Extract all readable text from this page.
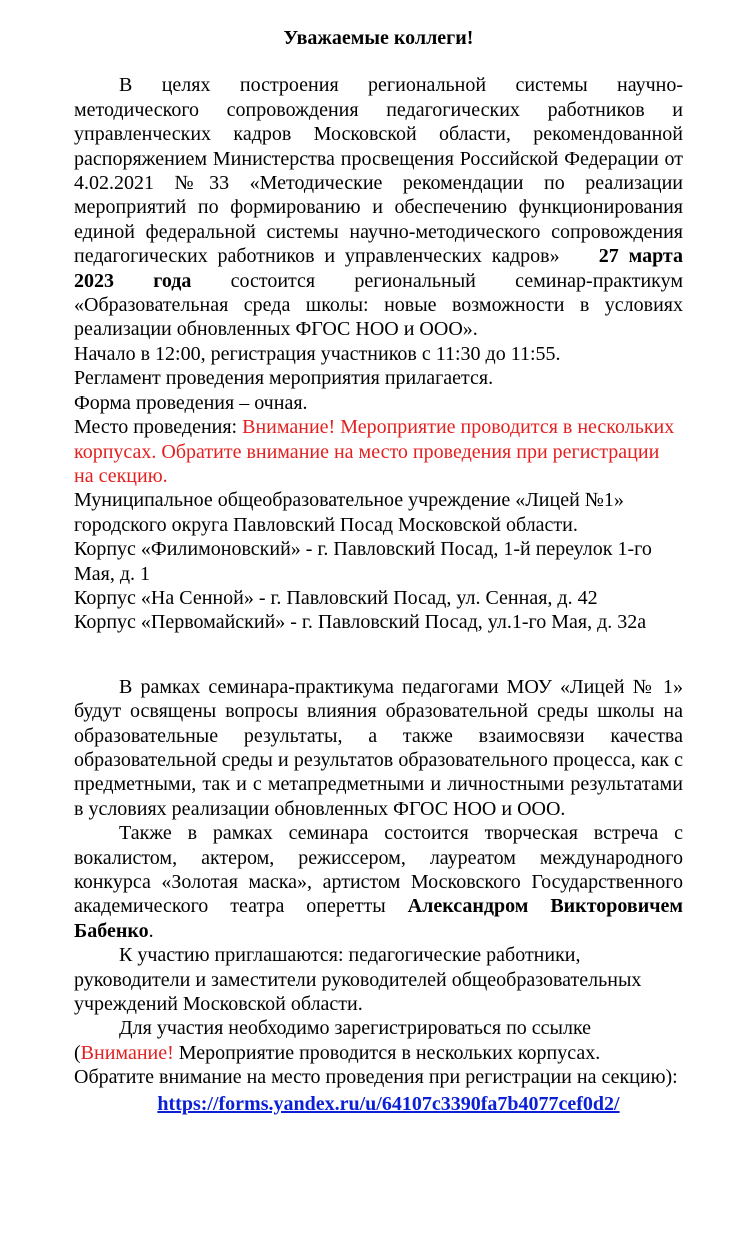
Уважаемые коллеги!

В целях построения региональной системы научно-методического сопровождения педагогических работников и управленческих кадров Московской области, рекомендованной распоряжением Министерства просвещения Российской Федерации от 4.02.2021 №33 «Методические рекомендации по реализации мероприятий по формированию и обеспечению функционирования единой федеральной системы научно-методического сопровождения педагогических работников и управленческих кадров» 27 марта 2023 года состоится региональный семинар-практикум «Образовательная среда школы: новые возможности в условиях реализации обновленных ФГОС НОО и ООО».

Начало в 12:00, регистрация участников с 11:30 до 11:55.

Регламент проведения мероприятия прилагается.

Форма проведения – очная.

Место проведения: Внимание! Мероприятие проводится в нескольких корпусах. Обратите внимание на место проведения при регистрации на секцию.

Муниципальное общеобразовательное учреждение «Лицей №1» городского округа Павловский Посад Московской области.

Корпус «Филимоновский» - г. Павловский Посад, 1-й переулок 1-го Мая, д. 1

Корпус «На Сенной» - г. Павловский Посад, ул. Сенная, д. 42

Корпус «Первомайский» - г. Павловский Посад, ул.1-го Мая, д. 32а

В рамках семинара-практикума педагогами МОУ «Лицей № 1» будут освящены вопросы влияния образовательной среды школы на образовательные результаты, а также взаимосвязи качества образовательной среды и результатов образовательного процесса, как с предметными, так и с метапредметными и личностными результатами в условиях реализации обновленных ФГОС НОО и ООО.

Также в рамках семинара состоится творческая встреча с вокалистом, актером, режиссером, лауреатом международного конкурса «Золотая маска», артистом Московского Государственного академического театра оперетты Александром Викторовичем Бабенко.

К участию приглашаются: педагогические работники, руководители и заместители руководителей общеобразовательных учреждений Московской области.

Для участия необходимо зарегистрироваться по ссылке (Внимание! Мероприятие проводится в нескольких корпусах. Обратите внимание на место проведения при регистрации на секцию):

https://forms.yandex.ru/u/64107c3390fa7b4077cef0d2/
